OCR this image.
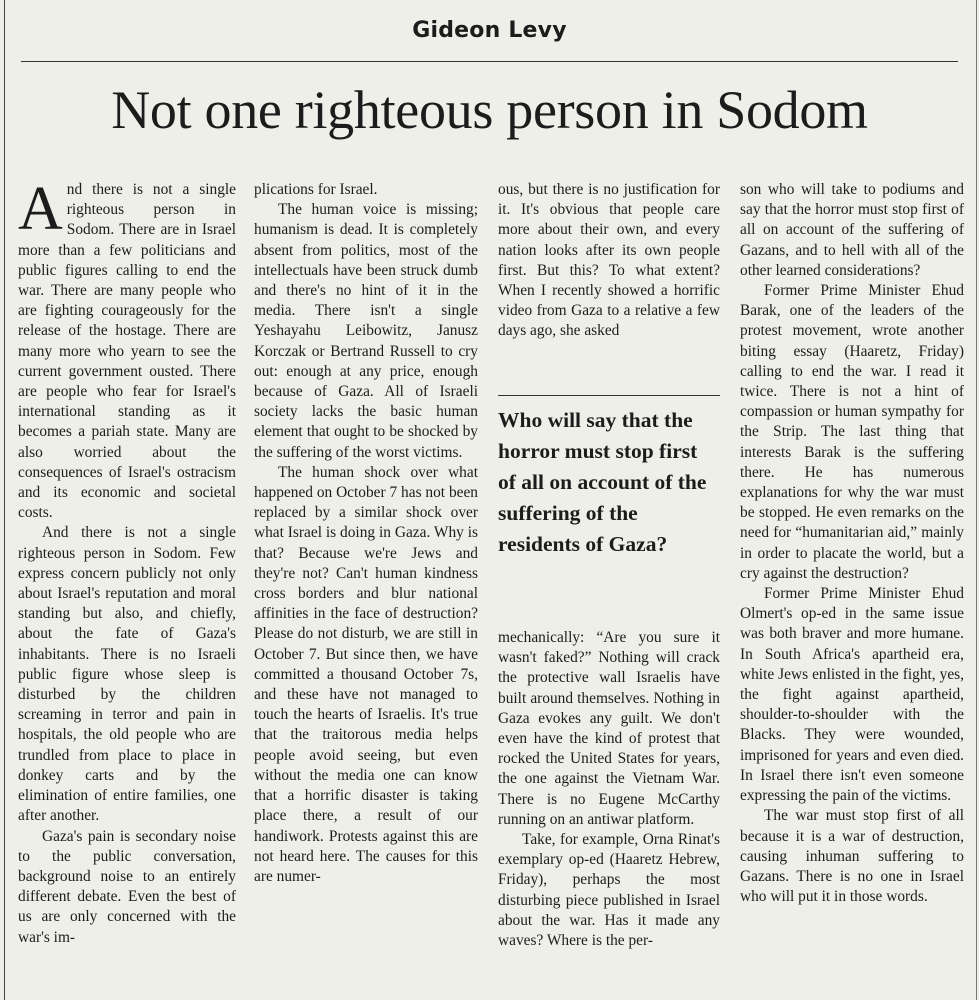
Gideon Levy
Not one righteous person in Sodom

And there is not a single righteous person in Sodom. There are in Israel more than a few politicians and public figures calling to end the war. There are many people who are fighting courageously for the release of the hostage. There are many more who yearn to see the current government ousted. There are people who fear for Israel's international standing as it becomes a pariah state. Many are also worried about the consequences of Israel's ostracism and its economic and societal costs.

And there is not a single righteous person in Sodom. Few express concern publicly not only about Israel's reputation and moral standing but also, and chiefly, about the fate of Gaza's inhabitants. There is no Israeli public figure whose sleep is disturbed by the children screaming in terror and pain in hospitals, the old people who are trundled from place to place in donkey carts and by the elimination of entire families, one after another.

Gaza's pain is secondary noise to the public conversation, background noise to an entirely different debate. Even the best of us are only concerned with the war's im-

plications for Israel.

The human voice is missing; humanism is dead. It is completely absent from politics, most of the intellectuals have been struck dumb and there's no hint of it in the media. There isn't a single Yeshayahu Leibowitz, Janusz Korczak or Bertrand Russell to cry out: enough at any price, enough because of Gaza. All of Israeli society lacks the basic human element that ought to be shocked by the suffering of the worst victims.

The human shock over what happened on October 7 has not been replaced by a similar shock over what Israel is doing in Gaza. Why is that? Because we're Jews and they're not? Can't human kindness cross borders and blur national affinities in the face of destruction? Please do not disturb, we are still in October 7. But since then, we have committed a thousand October 7s, and these have not managed to touch the hearts of Israelis. It's true that the traitorous media helps people avoid seeing, but even without the media one can know that a horrific disaster is taking place there, a result of our handiwork. Protests against this are not heard here. The causes for this are numer-

ous, but there is no justification for it. It's obvious that people care more about their own, and every nation looks after its own people first. But this? To what extent? When I recently showed a horrific video from Gaza to a relative a few days ago, she asked

mechanically: “Are you sure it wasn't faked?” Nothing will crack the protective wall Israelis have built around themselves. Nothing in Gaza evokes any guilt. We don't even have the kind of protest that rocked the United States for years, the one against the Vietnam War. There is no Eugene McCarthy running on an antiwar platform.

Take, for example, Orna Rinat's exemplary op-ed (Haaretz Hebrew, Friday), perhaps the most disturbing piece published in Israel about the war. Has it made any waves? Where is the per-

Who will say that the horror must stop first of all on account of the suffering of the residents of Gaza?

son who will take to podiums and say that the horror must stop first of all on account of the suffering of Gazans, and to hell with all of the other learned considerations?

Former Prime Minister Ehud Barak, one of the leaders of the protest movement, wrote another biting essay (Haaretz, Friday) calling to end the war. I read it twice. There is not a hint of compassion or human sympathy for the Strip. The last thing that interests Barak is the suffering there. He has numerous explanations for why the war must be stopped. He even remarks on the need for “humanitarian aid,” mainly in order to placate the world, but a cry against the destruction?

Former Prime Minister Ehud Olmert's op-ed in the same issue was both braver and more humane. In South Africa's apartheid era, white Jews enlisted in the fight, yes, the fight against apartheid, shoulder-to-shoulder with the Blacks. They were wounded, imprisoned for years and even died. In Israel there isn't even someone expressing the pain of the victims.

The war must stop first of all because it is a war of destruction, causing inhuman suffering to Gazans. There is no one in Israel who will put it in those words.
